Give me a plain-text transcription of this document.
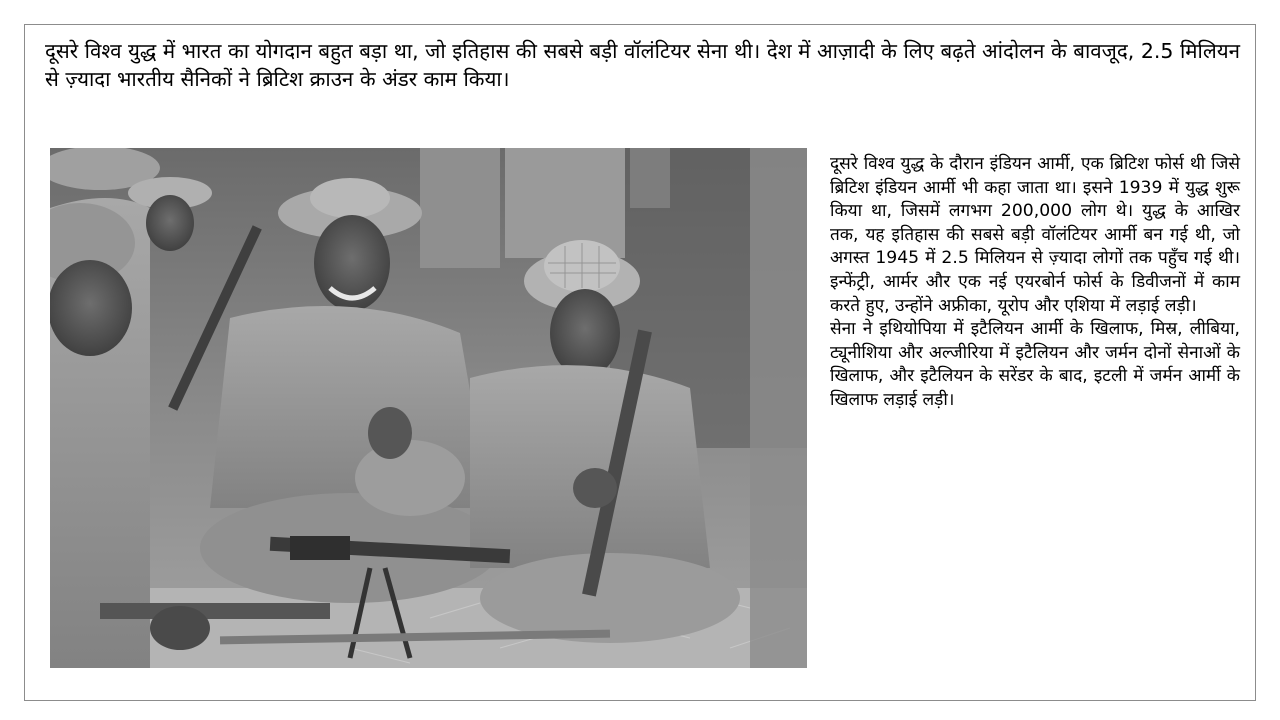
दूसरे विश्व युद्ध में भारत का योगदान बहुत बड़ा था, जो इतिहास की सबसे बड़ी वॉलंटियर सेना थी। देश में आज़ादी के लिए बढ़ते आंदोलन के बावजूद, 2.5 मिलियन से ज़्यादा भारतीय सैनिकों ने ब्रिटिश क्राउन के अंडर काम किया।

दूसरे विश्व युद्ध के दौरान इंडियन आर्मी, एक ब्रिटिश फोर्स थी जिसे ब्रिटिश इंडियन आर्मी भी कहा जाता था। इसने 1939 में युद्ध शुरू किया था, जिसमें लगभग 200,000 लोग थे। युद्ध के आखिर तक, यह इतिहास की सबसे बड़ी वॉलंटियर आर्मी बन गई थी, जो अगस्त 1945 में 2.5 मिलियन से ज़्यादा लोगों तक पहुँच गई थी। इन्फेंट्री, आर्मर और एक नई एयरबोर्न फोर्स के डिवीजनों में काम करते हुए, उन्होंने अफ्रीका, यूरोप और एशिया में लड़ाई लड़ी।

सेना ने इथियोपिया में इटैलियन आर्मी के खिलाफ, मिस्र, लीबिया, ट्यूनीशिया और अल्जीरिया में इटैलियन और जर्मन दोनों सेनाओं के खिलाफ, और इटैलियन के सरेंडर के बाद, इटली में जर्मन आर्मी के खिलाफ लड़ाई लड़ी।
